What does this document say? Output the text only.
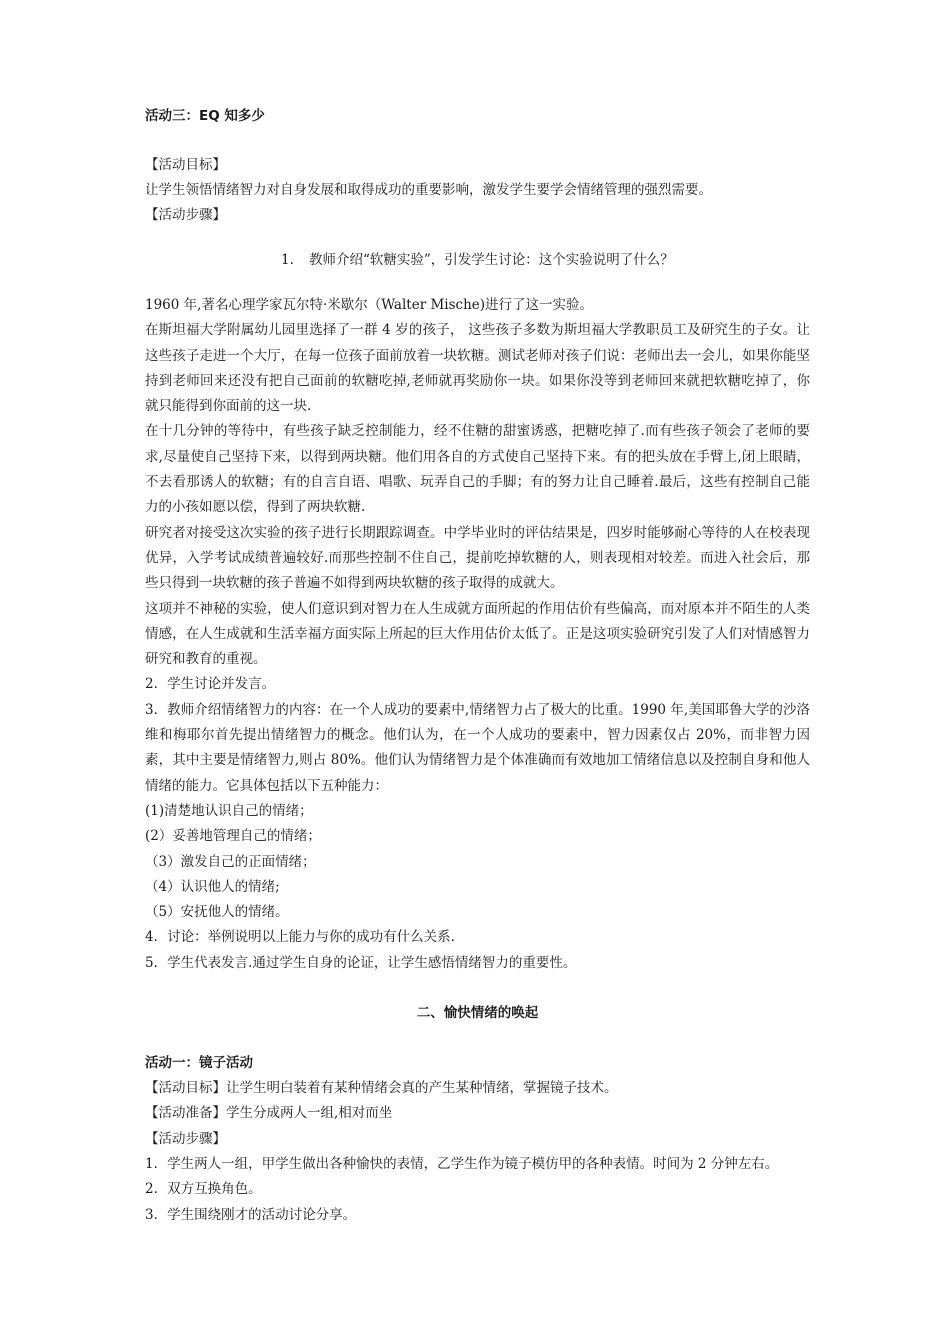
活动三：EQ 知多少

【活动目标】

让学生领悟情绪智力对自身发展和取得成功的重要影响，激发学生要学会情绪管理的强烈需要。

【活动步骤】

1. 教师介绍“软糖实验”，引发学生讨论：这个实验说明了什么？

1960 年,著名心理学家瓦尔特·米歇尔（Walter Mische)进行了这一实验。

在斯坦福大学附属幼儿园里选择了一群 4 岁的孩子， 这些孩子多数为斯坦福大学教职员工及研究生的子女。让这些孩子走进一个大厅，在每一位孩子面前放着一块软糖。测试老师对孩子们说：老师出去一会儿，如果你能坚持到老师回来还没有把自己面前的软糖吃掉,老师就再奖励你一块。如果你没等到老师回来就把软糖吃掉了，你就只能得到你面前的这一块.

在十几分钟的等待中，有些孩子缺乏控制能力，经不住糖的甜蜜诱惑，把糖吃掉了.而有些孩子领会了老师的要求,尽量使自己坚持下来，以得到两块糖。他们用各自的方式使自己坚持下来。有的把头放在手臂上,闭上眼睛，不去看那诱人的软糖；有的自言自语、唱歌、玩弄自己的手脚；有的努力让自己睡着.最后，这些有控制自己能力的小孩如愿以偿，得到了两块软糖.

研究者对接受这次实验的孩子进行长期跟踪调查。中学毕业时的评估结果是，四岁时能够耐心等待的人在校表现优异，入学考试成绩普遍较好.而那些控制不住自己，提前吃掉软糖的人，则表现相对较差。而进入社会后，那些只得到一块软糖的孩子普遍不如得到两块软糖的孩子取得的成就大。

这项并不神秘的实验，使人们意识到对智力在人生成就方面所起的作用估价有些偏高，而对原本并不陌生的人类情感，在人生成就和生活幸福方面实际上所起的巨大作用估价太低了。正是这项实验研究引发了人们对情感智力研究和教育的重视。

2．学生讨论并发言。

3．教师介绍情绪智力的内容：在一个人成功的要素中,情绪智力占了极大的比重。1990 年,美国耶鲁大学的沙洛维和梅耶尔首先提出情绪智力的概念。他们认为，在一个人成功的要素中，智力因素仅占 20%，而非智力因素，其中主要是情绪智力,则占 80%。他们认为情绪智力是个体准确而有效地加工情绪信息以及控制自身和他人情绪的能力。它具体包括以下五种能力：

(1)清楚地认识自己的情绪；

(2）妥善地管理自己的情绪；

（3）激发自己的正面情绪；

（4）认识他人的情绪;

（5）安抚他人的情绪。

4．讨论：举例说明以上能力与你的成功有什么关系.

5．学生代表发言.通过学生自身的论证，让学生感悟情绪智力的重要性。

二、愉快情绪的唤起

活动一：镜子活动

【活动目标】让学生明白装着有某种情绪会真的产生某种情绪，掌握镜子技术。

【活动准备】学生分成两人一组,相对而坐

【活动步骤】

1．学生两人一组，甲学生做出各种愉快的表情，乙学生作为镜子模仿甲的各种表情。时间为 2 分钟左右。

2．双方互换角色。

3．学生围绕刚才的活动讨论分享。
